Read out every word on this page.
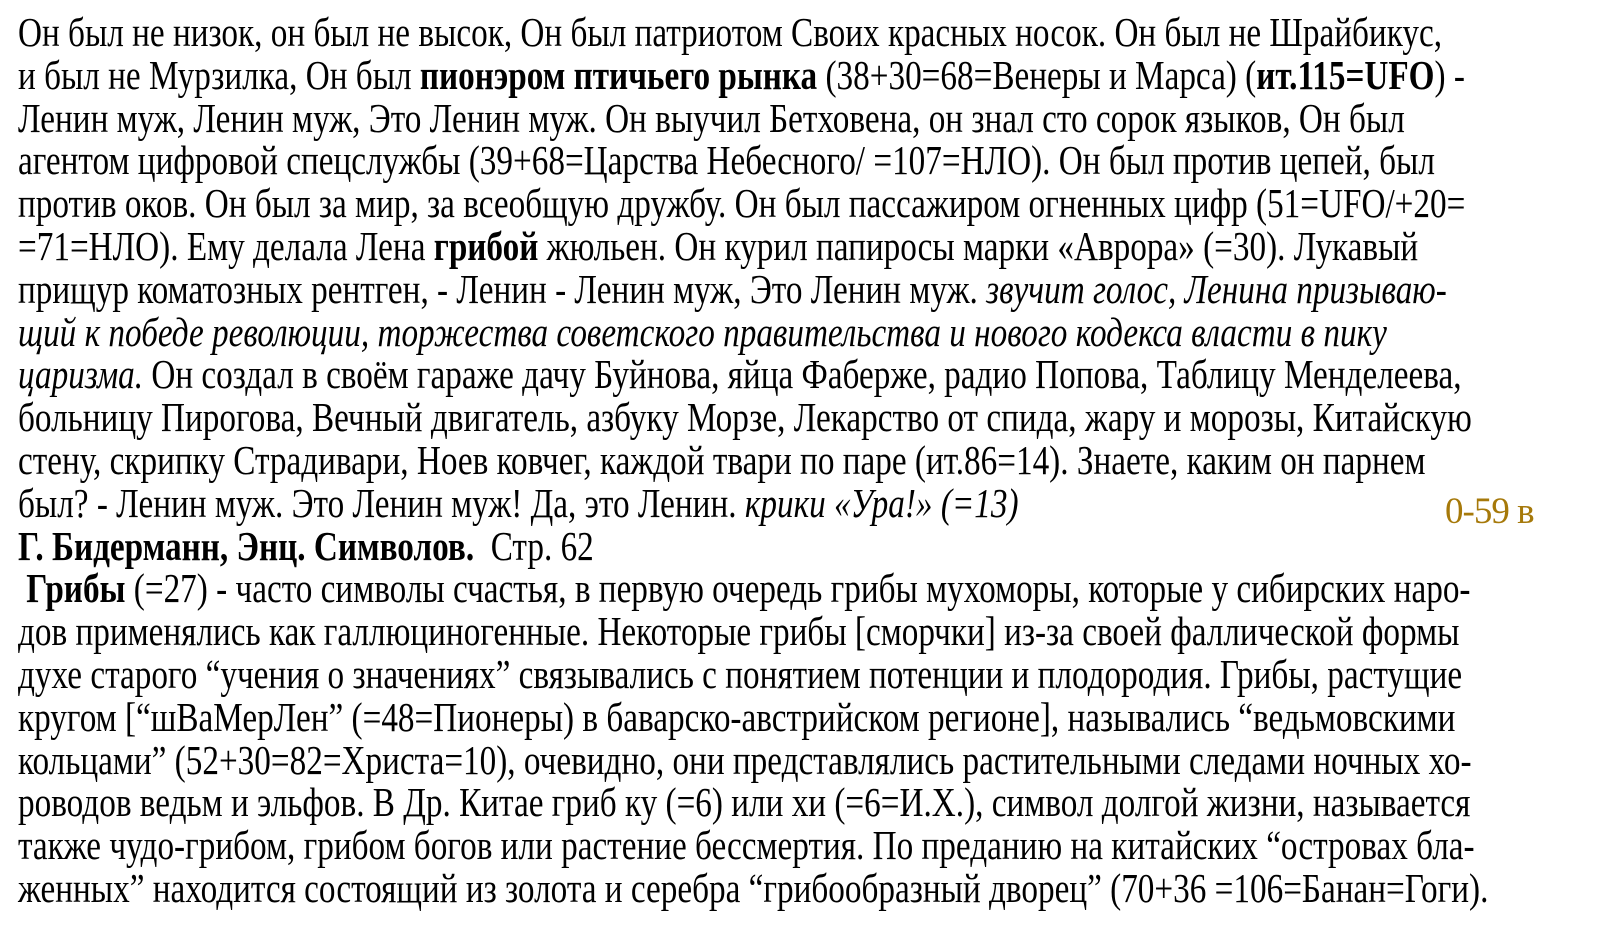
Он был не низок, он был не высок, Он был патриотом Своих красных носок. Он был не Шрайбикус,
и был не Мурзилка, Он был пионэром птичьего рынка (38+30=68=Венеры и Марса) (ит.115=UFO) -
Ленин муж, Ленин муж, Это Ленин муж. Он выучил Бетховена, он знал сто сорок языков, Он был
агентом цифровой спецслужбы (39+68=Царства Небесного/ =107=НЛО). Он был против цепей, был
против оков. Он был за мир, за всеобщую дружбу. Он был пассажиром огненных цифр (51=UFO/+20=
=71=НЛО). Ему делала Лена грибой жюльен. Он курил папиросы марки «Аврора» (=30). Лукавый
прищур коматозных рентген, - Ленин - Ленин муж, Это Ленин муж. звучит голос, Ленина призываю-
щий к победе революции, торжества советского правительства и нового кодекса власти в пику
царизма. Он создал в своём гараже дачу Буйнова, яйца Фаберже, радио Попова, Таблицу Менделеева,
больницу Пирогова, Вечный двигатель, азбуку Морзе, Лекарство от спида, жару и морозы, Китайскую
стену, скрипку Страдивари, Ноев ковчег, каждой твари по паре (ит.86=14). Знаете, каким он парнем
был? - Ленин муж. Это Ленин муж! Да, это Ленин. крики «Ура!» (=13)
Г. Бидерманн, Энц. Символов.  Стр. 62
Грибы (=27) - часто символы счастья, в первую очередь грибы мухоморы, которые у сибирских наро-
дов применялись как галлюциногенные. Некоторые грибы [сморчки] из-за своей фаллической формы
духе старого “учения о значениях” связывались с понятием потенции и плодородия. Грибы, растущие
кругом [“шВаМерЛен” (=48=Пионеры) в баварско-австрийском регионе], назывались “ведьмовскими
кольцами” (52+30=82=Христа=10), очевидно, они представлялись растительными следами ночных хо-
роводов ведьм и эльфов. В Др. Китае гриб ку (=6) или хи (=6=И.Х.), символ долгой жизни, называется
также чудо-грибом, грибом богов или растение бессмертия. По преданию на китайских “островах бла-
женных” находится состоящий из золота и серебра “грибообразный дворец” (70+36 =106=Банан=Гоги).
0-59 в
